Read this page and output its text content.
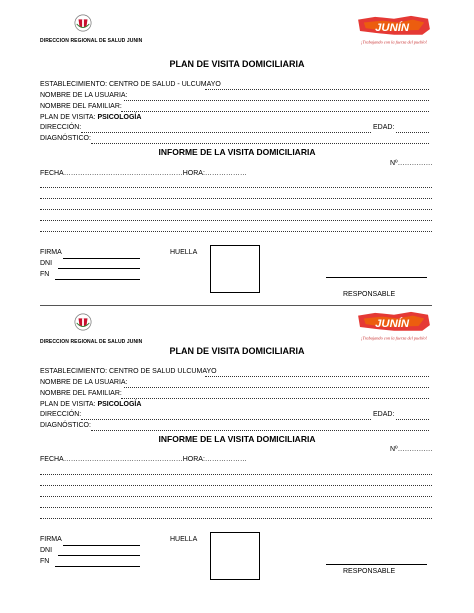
DIRECCION REGIONAL DE SALUD JUNIN
JUNÍN
¡Trabajando con la fuerza del pueblo!
PLAN DE VISITA DOMICILIARIA
ESTABLECIMIENTO: CENTRO DE SALUD - ULCUMAYO
NOMBRE DE LA USUARIA:
NOMBRE DEL FAMILIAR:
PLAN DE VISITA: PSICOLOGÍA
DIRECCIÓN:	EDAD:
DIAGNÓSTICO:
INFORME DE LA VISITA DOMICILIARIA
Nº……………
FECHA……………………………………………HORA:………………
FIRMA
DNI
FN
HUELLA
RESPONSABLE
DIRECCION REGIONAL DE SALUD JUNIN
JUNÍN
¡Trabajando con la fuerza del pueblo!
PLAN DE VISITA DOMICILIARIA
ESTABLECIMIENTO: CENTRO DE SALUD ULCUMAYO
NOMBRE DE LA USUARIA:
NOMBRE DEL FAMILIAR:
PLAN DE VISITA: PSICOLOGÍA
DIRECCIÓN:	EDAD:
DIAGNÓSTICO:
INFORME DE LA VISITA DOMICILIARIA
Nº……………
FECHA……………………………………………HORA:………………
FIRMA
DNI
FN
HUELLA
RESPONSABLE
